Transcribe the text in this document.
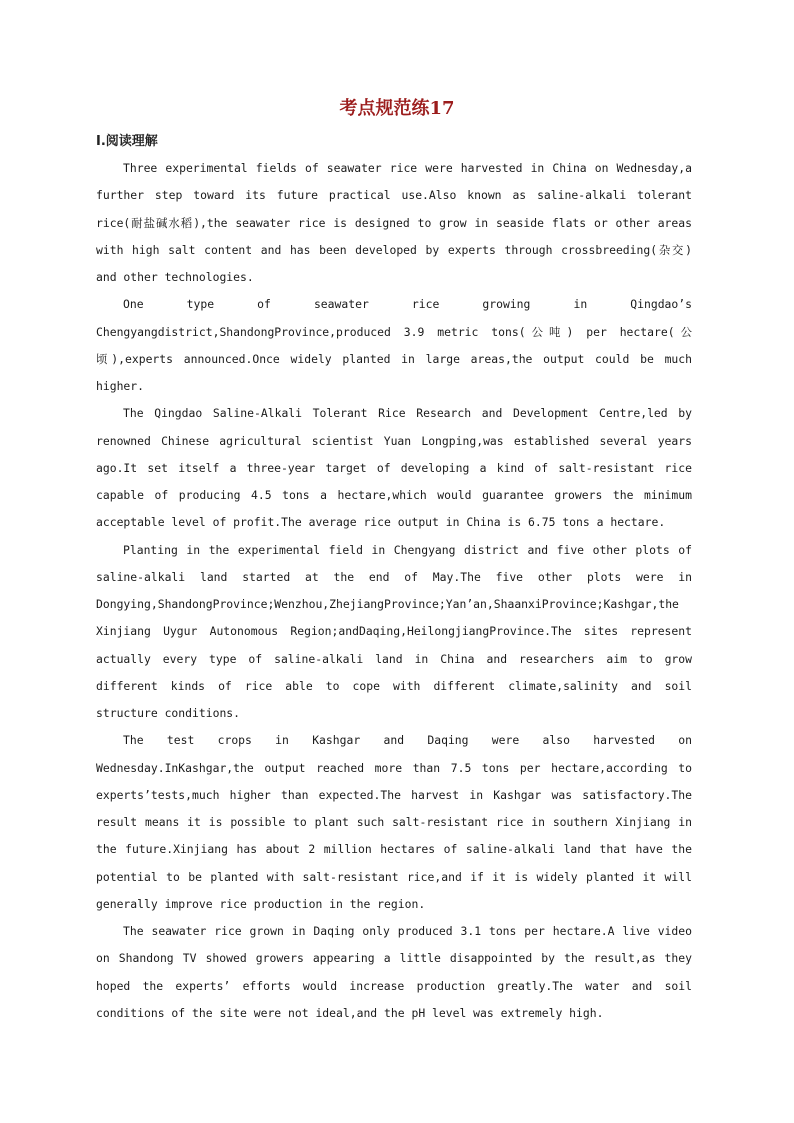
考点规范练17
Ⅰ.阅读理解

Three experimental fields of seawater rice were harvested in China on Wednesday,a further step toward its future practical use.Also known as saline-alkali tolerant rice(耐盐碱水稻),the seawater rice is designed to grow in seaside flats or other areas with high salt content and has been developed by experts through crossbreeding(杂交) and other technologies.

One type of seawater rice growing in Qingdao’s Chengyangdistrict,ShandongProvince,produced 3.9 metric tons(公吨) per hectare(公顷),experts announced.Once widely planted in large areas,the output could be much higher.

The Qingdao Saline-Alkali Tolerant Rice Research and Development Centre,led by renowned Chinese agricultural scientist Yuan Longping,was established several years ago.It set itself a three-year target of developing a kind of salt-resistant rice capable of producing 4.5 tons a hectare,which would guarantee growers the minimum acceptable level of profit.The average rice output in China is 6.75 tons a hectare.

Planting in the experimental field in Chengyang district and five other plots of saline-alkali land started at the end of May.The five other plots were in Dongying,ShandongProvince;Wenzhou,ZhejiangProvince;Yan’an,ShaanxiProvince;Kashgar,the Xinjiang Uygur Autonomous Region;andDaqing,HeilongjiangProvince.The sites represent actually every type of saline-alkali land in China and researchers aim to grow different kinds of rice able to cope with different climate,salinity and soil structure conditions.

The test crops in Kashgar and Daqing were also harvested on Wednesday.InKashgar,the output reached more than 7.5 tons per hectare,according to experts’tests,much higher than expected.The harvest in Kashgar was satisfactory.The result means it is possible to plant such salt-resistant rice in southern Xinjiang in the future.Xinjiang has about 2 million hectares of saline-alkali land that have the potential to be planted with salt-resistant rice,and if it is widely planted it will generally improve rice production in the region.

The seawater rice grown in Daqing only produced 3.1 tons per hectare.A live video on Shandong TV showed growers appearing a little disappointed by the result,as they hoped the experts’ efforts would increase production greatly.The water and soil conditions of the site were not ideal,and the pH level was extremely high.
